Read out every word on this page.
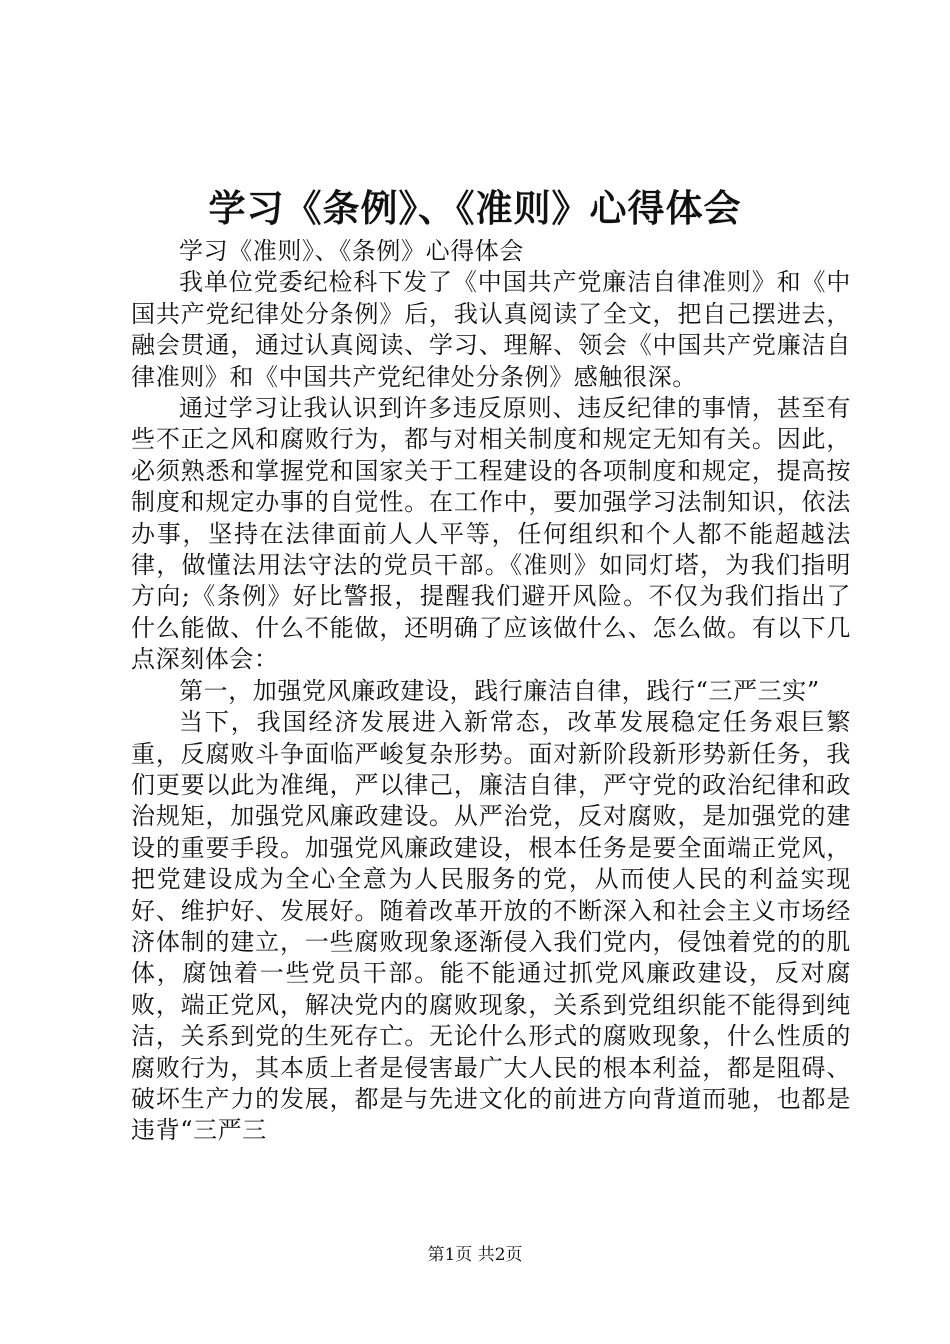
学习《条例》、《准则》心得体会

学习《准则》、《条例》心得体会

我单位党委纪检科下发了《中国共产党廉洁自律准则》和《中国共产党纪律处分条例》后，我认真阅读了全文，把自己摆进去，融会贯通，通过认真阅读、学习、理解、领会《中国共产党廉洁自律准则》和《中国共产党纪律处分条例》感触很深。

通过学习让我认识到许多违反原则、违反纪律的事情，甚至有些不正之风和腐败行为，都与对相关制度和规定无知有关。因此，必须熟悉和掌握党和国家关于工程建设的各项制度和规定，提高按制度和规定办事的自觉性。在工作中，要加强学习法制知识，依法办事，坚持在法律面前人人平等，任何组织和个人都不能超越法律，做懂法用法守法的党员干部。《准则》如同灯塔，为我们指明方向;《条例》好比警报，提醒我们避开风险。不仅为我们指出了什么能做、什么不能做，还明确了应该做什么、怎么做。有以下几点深刻体会：

第一，加强党风廉政建设，践行廉洁自律，践行“三严三实”

当下，我国经济发展进入新常态，改革发展稳定任务艰巨繁重，反腐败斗争面临严峻复杂形势。面对新阶段新形势新任务，我们更要以此为准绳，严以律己，廉洁自律，严守党的政治纪律和政治规矩，加强党风廉政建设。从严治党，反对腐败，是加强党的建设的重要手段。加强党风廉政建设，根本任务是要全面端正党风，把党建设成为全心全意为人民服务的党，从而使人民的利益实现好、维护好、发展好。随着改革开放的不断深入和社会主义市场经济体制的建立，一些腐败现象逐渐侵入我们党内，侵蚀着党的的肌体，腐蚀着一些党员干部。能不能通过抓党风廉政建设，反对腐败，端正党风，解决党内的腐败现象，关系到党组织能不能得到纯洁，关系到党的生死存亡。无论什么形式的腐败现象，什么性质的腐败行为，其本质上者是侵害最广大人民的根本利益，都是阻碍、破坏生产力的发展，都是与先进文化的前进方向背道而驰，也都是违背“三严三

第1页 共2页
